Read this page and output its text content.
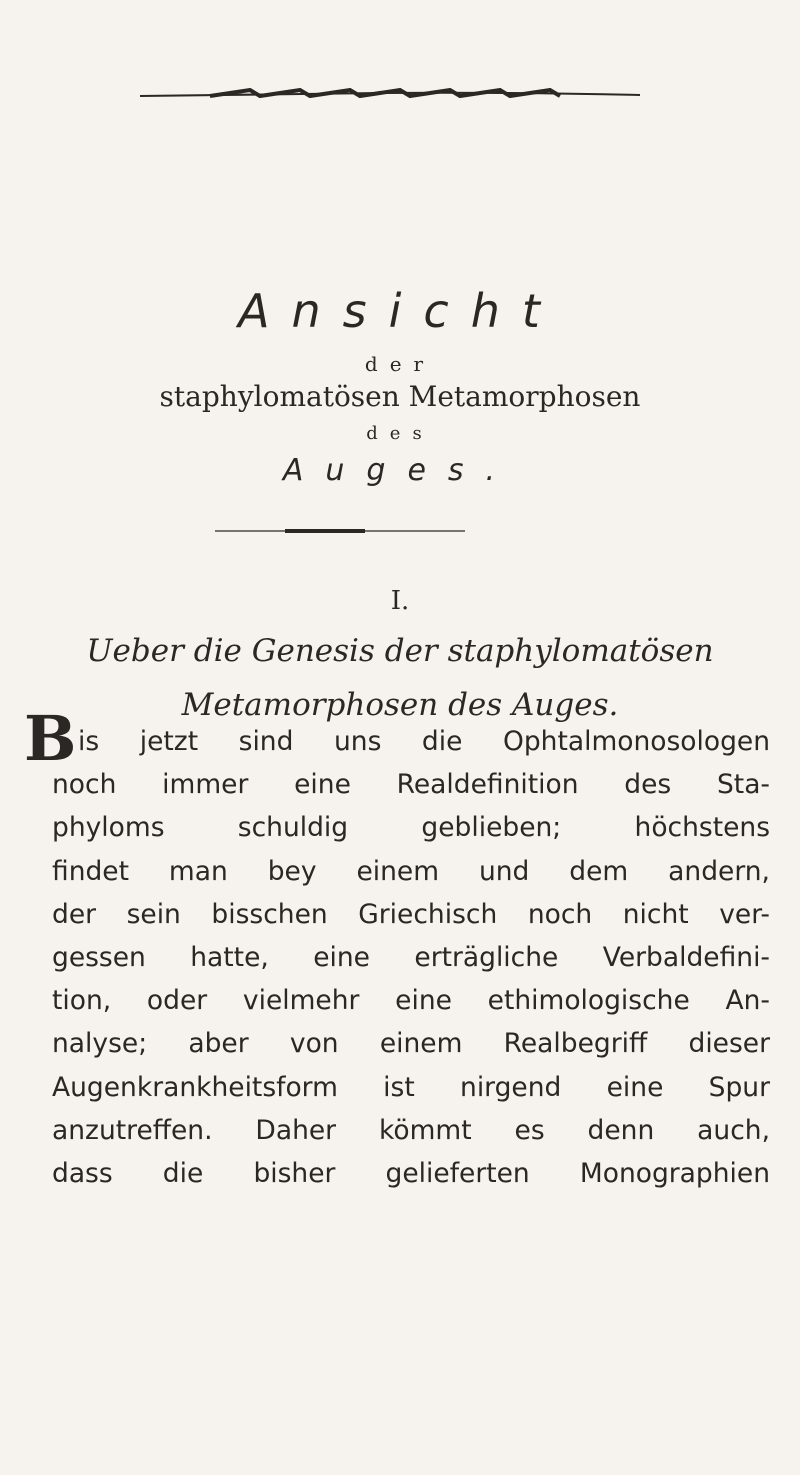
Ansicht
der
staphylomatösen Metamorphosen
des
Auges.
I.
Ueber die Genesis der staphylomatösen
Metamorphosen des Auges.
B is jetzt sind uns die Ophtalmonosologen
noch immer eine Realdefinition des Sta-
phyloms schuldig geblieben; höchstens
findet man bey einem und dem andern,
der sein bisschen Griechisch noch nicht ver-
gessen hatte, eine erträgliche Verbaldefini-
tion, oder vielmehr eine ethimologische An-
nalyse; aber von einem Realbegriff dieser
Augenkrankheitsform ist nirgend eine Spur
anzutreffen. Daher kömmt es denn auch,
dass die bisher gelieferten Monographien
